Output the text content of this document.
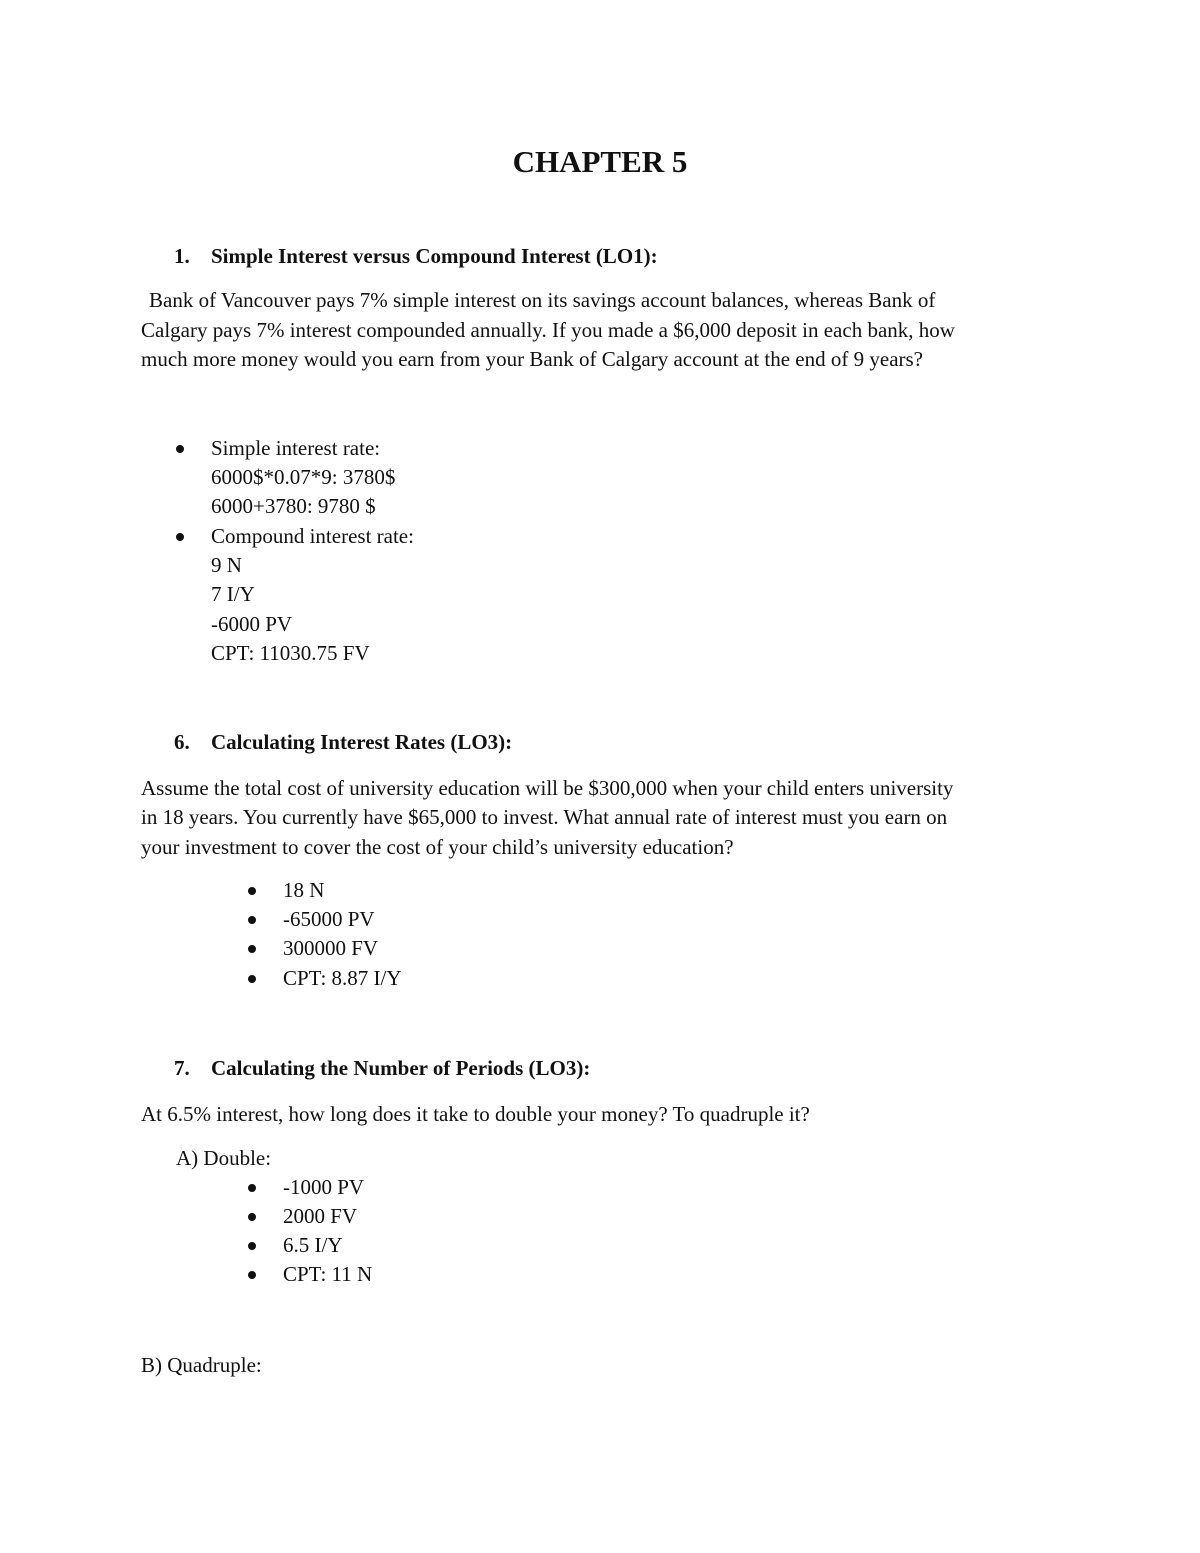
CHAPTER 5
1. Simple Interest versus Compound Interest (LO1):
Bank of Vancouver pays 7% simple interest on its savings account balances, whereas Bank of
Calgary pays 7% interest compounded annually. If you made a $6,000 deposit in each bank, how
much more money would you earn from your Bank of Calgary account at the end of 9 years?
Simple interest rate:
6000$*0.07*9: 3780$
6000+3780: 9780 $
Compound interest rate:
9 N
7 I/Y
-6000 PV
CPT: 11030.75 FV
6. Calculating Interest Rates (LO3):
Assume the total cost of university education will be $300,000 when your child enters university
in 18 years. You currently have $65,000 to invest. What annual rate of interest must you earn on
your investment to cover the cost of your child’s university education?
18 N
-65000 PV
300000 FV
CPT: 8.87 I/Y
7. Calculating the Number of Periods (LO3):
At 6.5% interest, how long does it take to double your money? To quadruple it?
A) Double:
-1000 PV
2000 FV
6.5 I/Y
CPT: 11 N
B) Quadruple:
